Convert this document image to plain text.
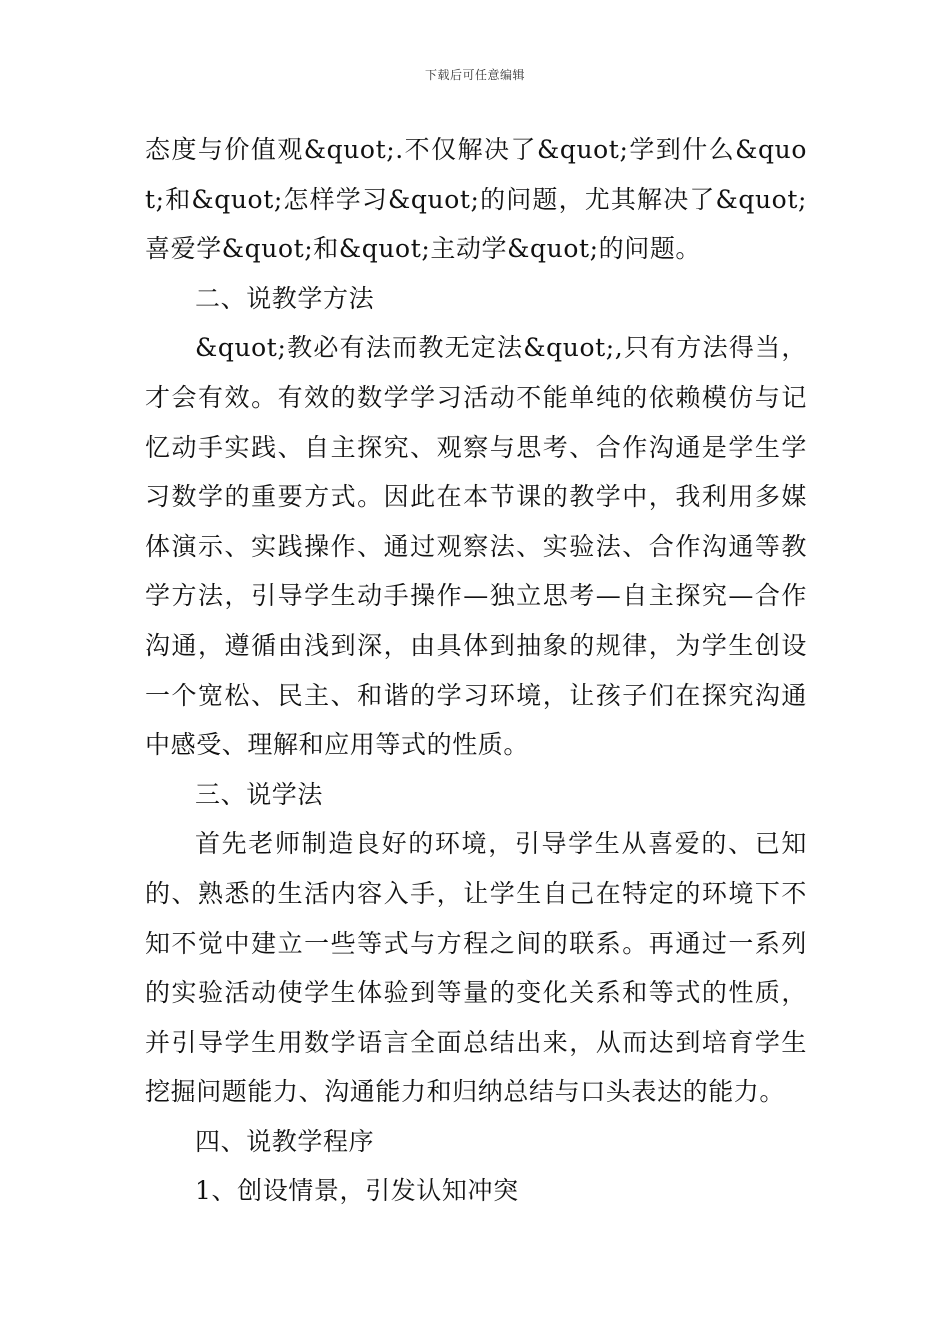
下载后可任意编辑

态度与价值观&quot;.不仅解决了&quot;学到什么&quot;和&quot;怎样学习&quot;的问题，尤其解决了&quot;喜爱学&quot;和&quot;主动学&quot;的问题。

二、说教学方法

&quot;教必有法而教无定法&quot;,只有方法得当，才会有效。有效的数学学习活动不能单纯的依赖模仿与记忆动手实践、自主探究、观察与思考、合作沟通是学生学习数学的重要方式。因此在本节课的教学中，我利用多媒体演示、实践操作、通过观察法、实验法、合作沟通等教学方法，引导学生动手操作—独立思考—自主探究—合作沟通，遵循由浅到深，由具体到抽象的规律，为学生创设一个宽松、民主、和谐的学习环境，让孩子们在探究沟通中感受、理解和应用等式的性质。

三、说学法

首先老师制造良好的环境，引导学生从喜爱的、已知的、熟悉的生活内容入手，让学生自己在特定的环境下不知不觉中建立一些等式与方程之间的联系。再通过一系列的实验活动使学生体验到等量的变化关系和等式的性质，并引导学生用数学语言全面总结出来，从而达到培育学生挖掘问题能力、沟通能力和归纳总结与口头表达的能力。

四、说教学程序

1、创设情景，引发认知冲突
